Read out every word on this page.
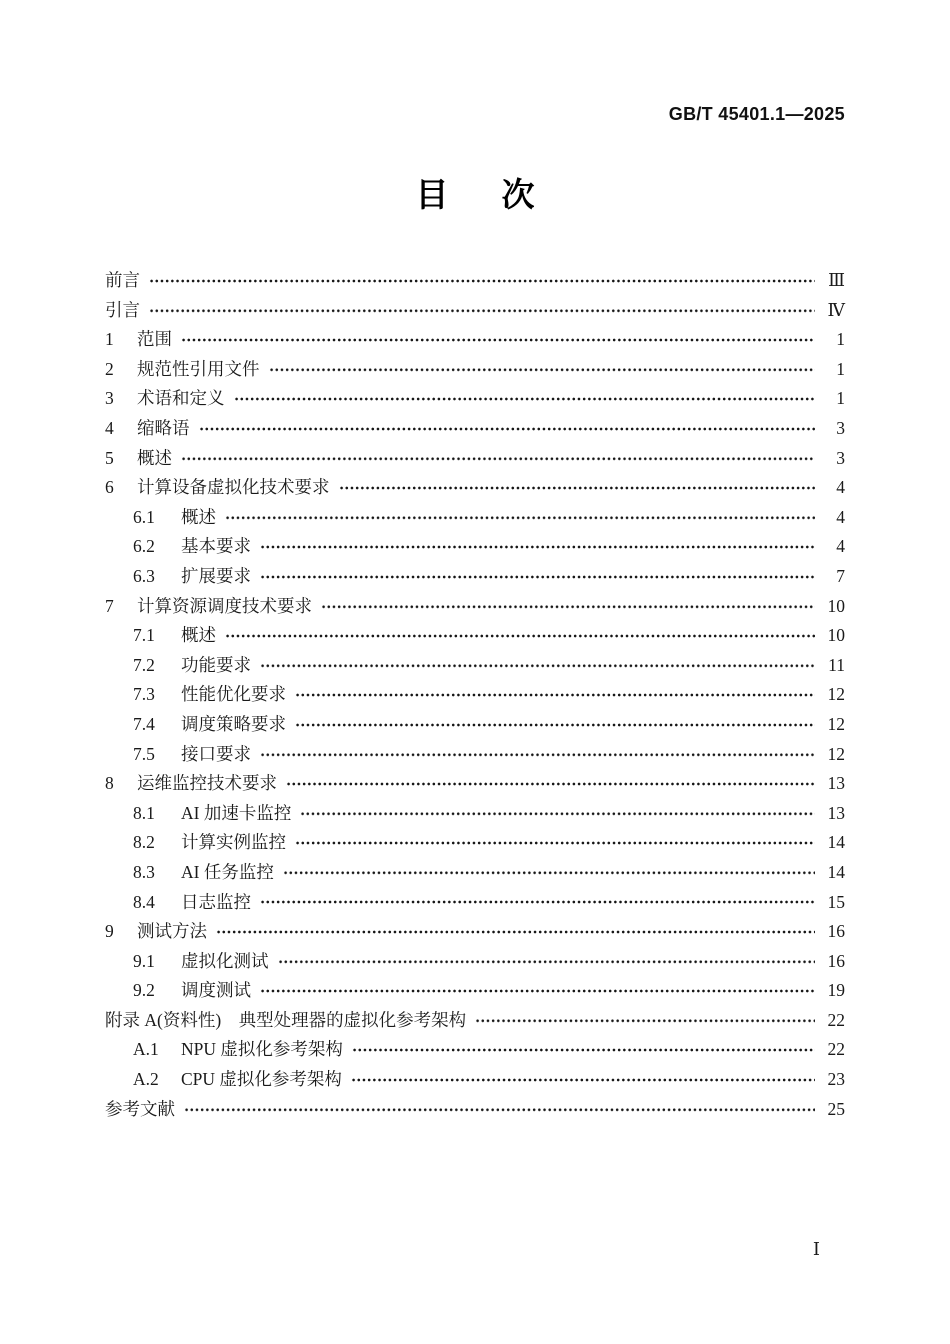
GB/T 45401.1—2025
目　次
前言	Ⅲ
引言	Ⅳ
1	范围	1
2	规范性引用文件	1
3	术语和定义	1
4	缩略语	3
5	概述	3
6	计算设备虚拟化技术要求	4
6.1	概述	4
6.2	基本要求	4
6.3	扩展要求	7
7	计算资源调度技术要求	10
7.1	概述	10
7.2	功能要求	11
7.3	性能优化要求	12
7.4	调度策略要求	12
7.5	接口要求	12
8	运维监控技术要求	13
8.1	AI 加速卡监控	13
8.2	计算实例监控	14
8.3	AI 任务监控	14
8.4	日志监控	15
9	测试方法	16
9.1	虚拟化测试	16
9.2	调度测试	19
附录 A(资料性)　典型处理器的虚拟化参考架构	22
A.1	NPU 虚拟化参考架构	22
A.2	CPU 虚拟化参考架构	23
参考文献	25
Ⅰ
